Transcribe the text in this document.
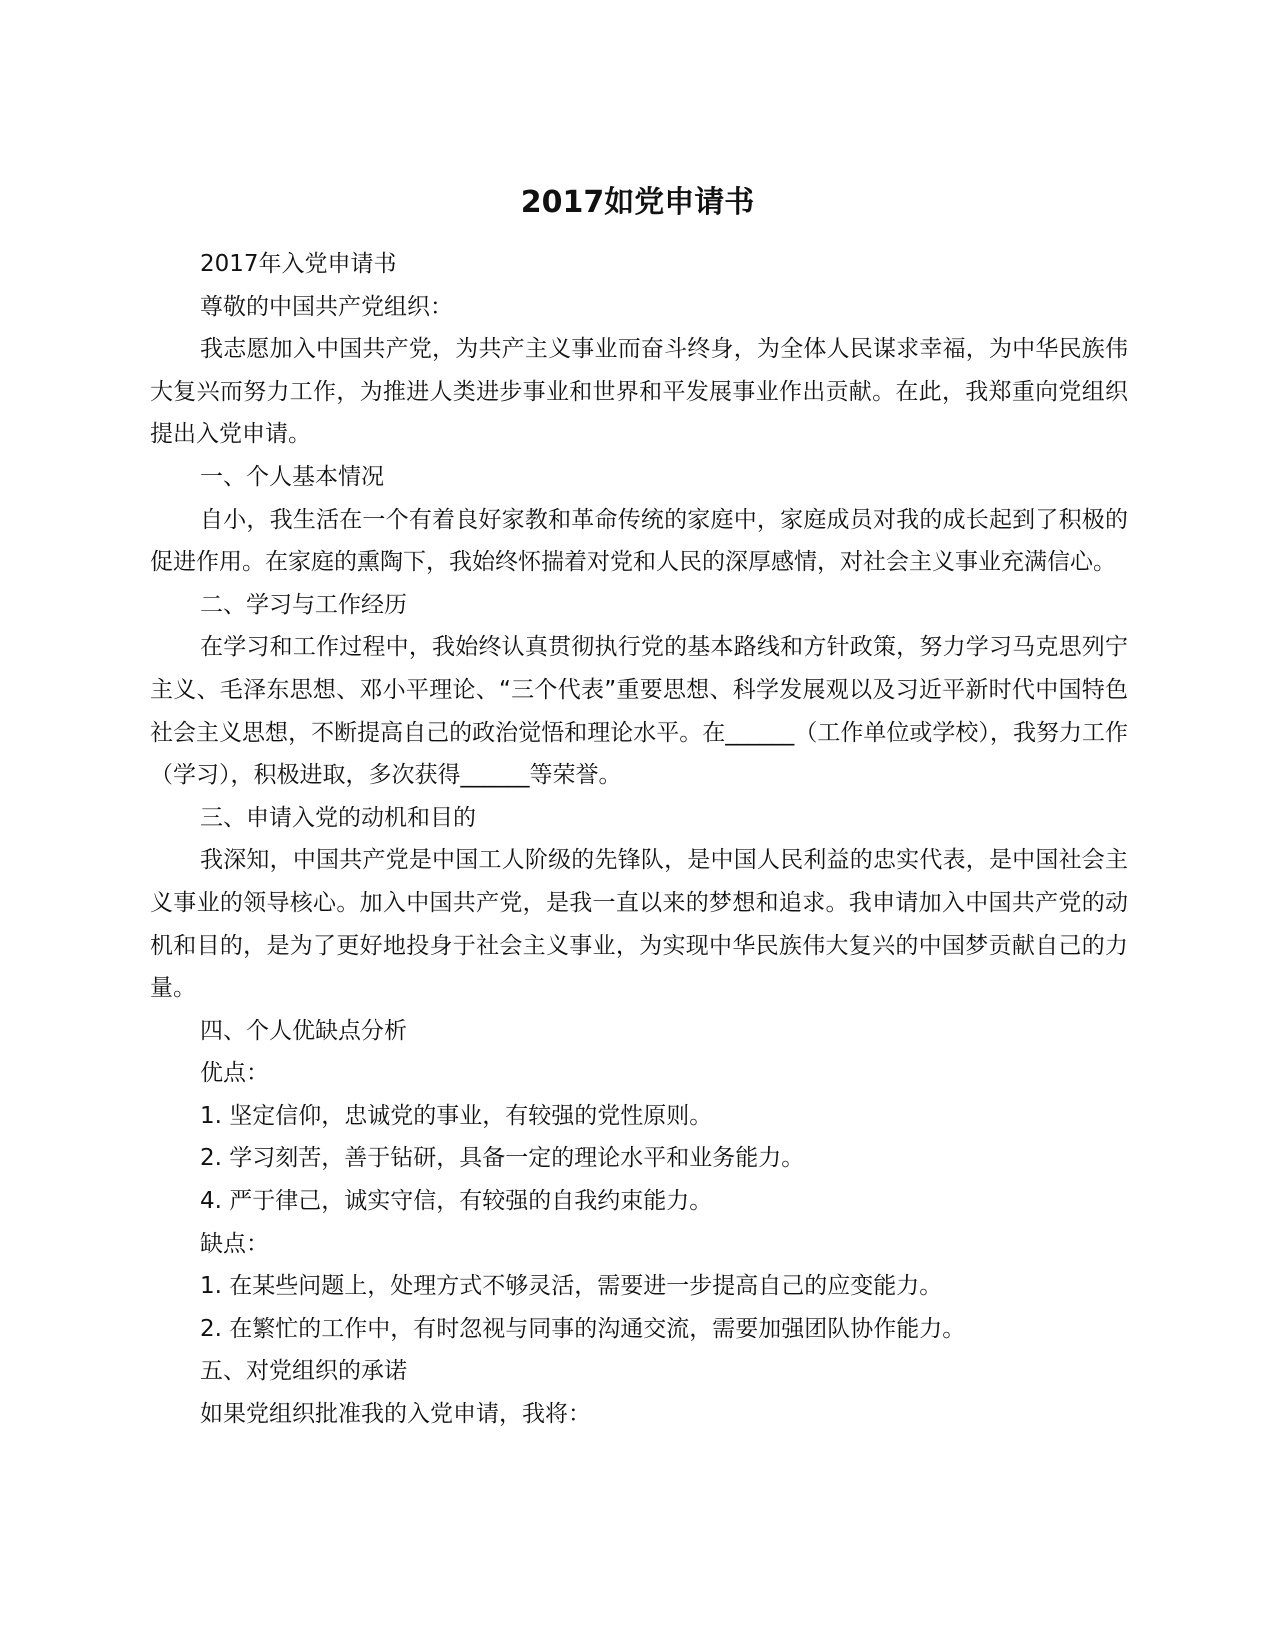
2017如党申请书

2017年入党申请书

尊敬的中国共产党组织：

我志愿加入中国共产党，为共产主义事业而奋斗终身，为全体人民谋求幸福，为中华民族伟大复兴而努力工作，为推进人类进步事业和世界和平发展事业作出贡献。在此，我郑重向党组织提出入党申请。

一、个人基本情况

自小，我生活在一个有着良好家教和革命传统的家庭中，家庭成员对我的成长起到了积极的促进作用。在家庭的熏陶下，我始终怀揣着对党和人民的深厚感情，对社会主义事业充满信心。

二、学习与工作经历

在学习和工作过程中，我始终认真贯彻执行党的基本路线和方针政策，努力学习马克思列宁主义、毛泽东思想、邓小平理论、“三个代表”重要思想、科学发展观以及习近平新时代中国特色社会主义思想，不断提高自己的政治觉悟和理论水平。在______（工作单位或学校），我努力工作（学习），积极进取，多次获得______等荣誉。

三、申请入党的动机和目的

我深知，中国共产党是中国工人阶级的先锋队，是中国人民利益的忠实代表，是中国社会主义事业的领导核心。加入中国共产党，是我一直以来的梦想和追求。我申请加入中国共产党的动机和目的，是为了更好地投身于社会主义事业，为实现中华民族伟大复兴的中国梦贡献自己的力量。

四、个人优缺点分析

优点：

1. 坚定信仰，忠诚党的事业，有较强的党性原则。

2. 学习刻苦，善于钻研，具备一定的理论水平和业务能力。

4. 严于律己，诚实守信，有较强的自我约束能力。

缺点：

1. 在某些问题上，处理方式不够灵活，需要进一步提高自己的应变能力。

2. 在繁忙的工作中，有时忽视与同事的沟通交流，需要加强团队协作能力。

五、对党组织的承诺

如果党组织批准我的入党申请，我将：
